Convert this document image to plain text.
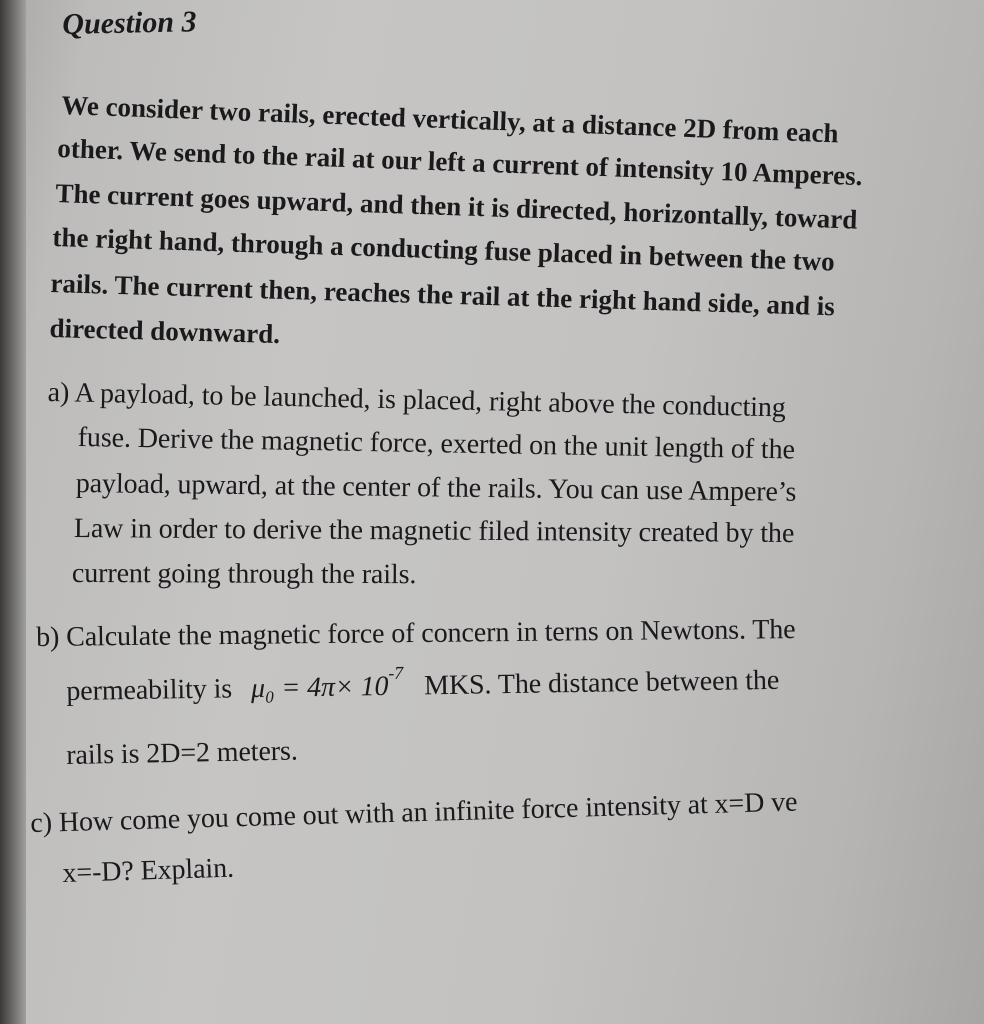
Question 3
We consider two rails, erected vertically, at a distance 2D from each
other. We send to the rail at our left a current of intensity 10 Amperes.
The current goes upward, and then it is directed, horizontally, toward
the right hand, through a conducting fuse placed in between the two
rails. The current then, reaches the rail at the right hand side, and is
directed downward.
a) A payload, to be launched, is placed, right above the conducting
fuse. Derive the magnetic force, exerted on the unit length of the
payload, upward, at the center of the rails. You can use Ampere’s
Law in order to derive the magnetic filed intensity created by the
current going through the rails.
b) Calculate the magnetic force of concern in terns on Newtons. The
permeability is $\mu_0 = 4\pi\times 10^{-7}$ MKS. The distance between the
rails is 2D=2 meters.
c) How come you come out with an infinite force intensity at x=D ve
x=-D? Explain.
